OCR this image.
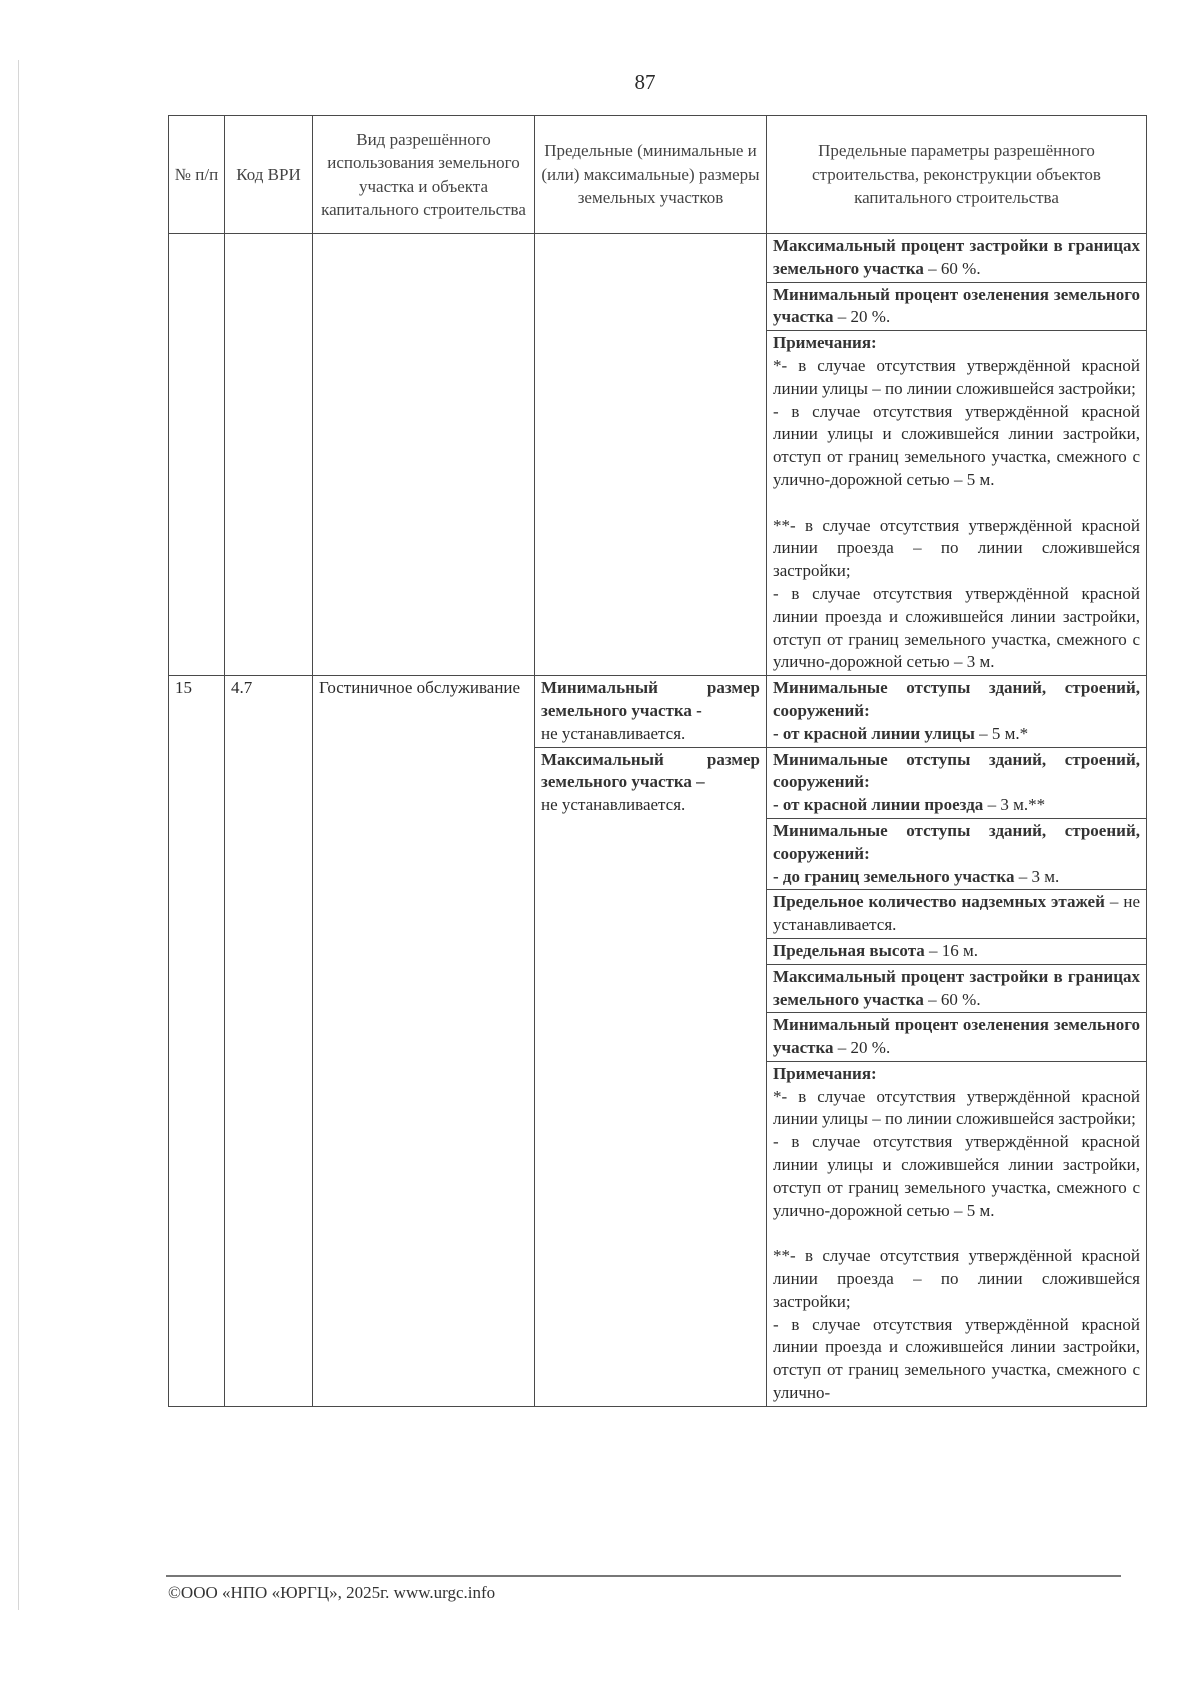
87
№ п/п	Код ВРИ	Вид разрешённого использования земельного участка и объекта капитального строительства	Предельные (минимальные и (или) максимальные) размеры земельных участков	Предельные параметры разрешённого строительства, реконструкции объектов капитального строительства
				Максимальный процент застройки в границах земельного участка – 60 %.
				Минимальный процент озеленения земельного участка – 20 %.

				Примечания:
*- в случае отсутствия утверждённой красной линии улицы – по линии сложившейся застройки;
- в случае отсутствия утверждённой красной линии улицы и сложившейся линии застройки, отступ от границ земельного участка, смежного с улично-дорожной сетью – 5 м.
**- в случае отсутствия утверждённой красной линии проезда – по линии сложившейся застройки;
- в случае отсутствия утверждённой красной линии проезда и сложившейся линии застройки, отступ от границ земельного участка, смежного с улично-дорожной сетью – 3 м.

15	4.7	Гостиничное обслуживание	Минимальный размер земельного участка -
не устанавливается.	Минимальные отступы зданий, строений, сооружений:
- от красной линии улицы – 5 м.*

			Максимальный размер земельного участка –
не устанавливается.	Минимальные отступы зданий, строений, сооружений:
- от красной линии проезда – 3 м.**

				Минимальные отступы зданий, строений, сооружений:
- до границ земельного участка – 3 м.

				Предельное количество надземных этажей – не устанавливается.
				Предельная высота – 16 м.
				Максимальный процент застройки в границах земельного участка – 60 %.
				Минимальный процент озеленения земельного участка – 20 %.

				Примечания:
*- в случае отсутствия утверждённой красной линии улицы – по линии сложившейся застройки;
- в случае отсутствия утверждённой красной линии улицы и сложившейся линии застройки, отступ от границ земельного участка, смежного с улично-дорожной сетью – 5 м.
**- в случае отсутствия утверждённой красной линии проезда – по линии сложившейся застройки;
- в случае отсутствия утверждённой красной линии проезда и сложившейся линии застройки, отступ от границ земельного участка, смежного с улично-
©ООО «НПО «ЮРГЦ», 2025г. www.urgc.info
